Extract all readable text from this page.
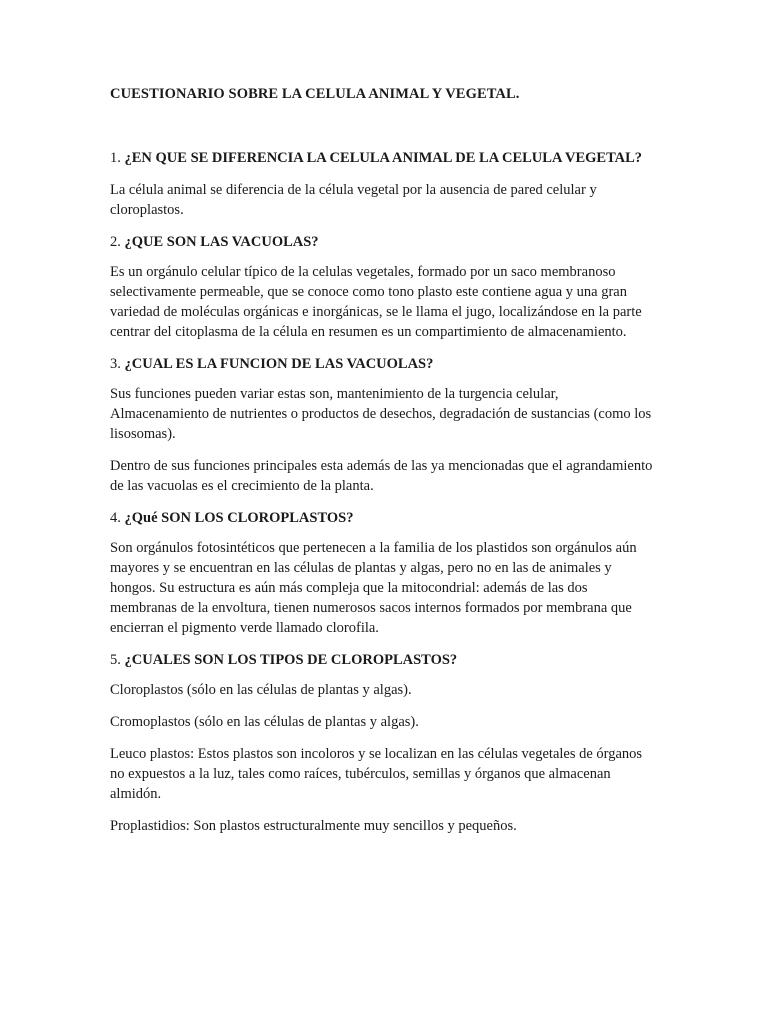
CUESTIONARIO SOBRE LA CELULA ANIMAL Y VEGETAL.
1. ¿EN QUE SE DIFERENCIA LA CELULA ANIMAL DE LA CELULA VEGETAL?

La célula animal se diferencia de la célula vegetal por la ausencia de pared celular y cloroplastos.

2. ¿QUE SON LAS VACUOLAS?

Es un orgánulo celular típico de la celulas vegetales, formado por un saco membranoso selectivamente permeable, que se conoce como tono plasto este contiene agua y una gran variedad de moléculas orgánicas e inorgánicas, se le llama el jugo, localizándose en la parte centrar del citoplasma de la célula en resumen es un compartimiento de almacenamiento.

3. ¿CUAL ES LA FUNCION DE LAS VACUOLAS?

Sus funciones pueden variar estas son, mantenimiento de la turgencia celular, Almacenamiento de nutrientes o productos de desechos, degradación de sustancias (como los lisosomas).

Dentro de sus funciones principales esta además de las ya mencionadas que el agrandamiento de las vacuolas es el crecimiento de la planta.

4. ¿Qué SON LOS CLOROPLASTOS?

Son orgánulos fotosintéticos que pertenecen a la familia de los plastidos son orgánulos aún mayores y se encuentran en las células de plantas y algas, pero no en las de animales y hongos. Su estructura es aún más compleja que la mitocondrial: además de las dos membranas de la envoltura, tienen numerosos sacos internos formados por membrana que encierran el pigmento verde llamado clorofila.

5. ¿CUALES SON LOS TIPOS DE CLOROPLASTOS?

Cloroplastos (sólo en las células de plantas y algas).

Cromoplastos (sólo en las células de plantas y algas).

Leuco plastos: Estos plastos son incoloros y se localizan en las células vegetales de órganos no expuestos a la luz, tales como raíces, tubérculos, semillas y órganos que almacenan almidón.

Proplastidios: Son plastos estructuralmente muy sencillos y pequeños.
